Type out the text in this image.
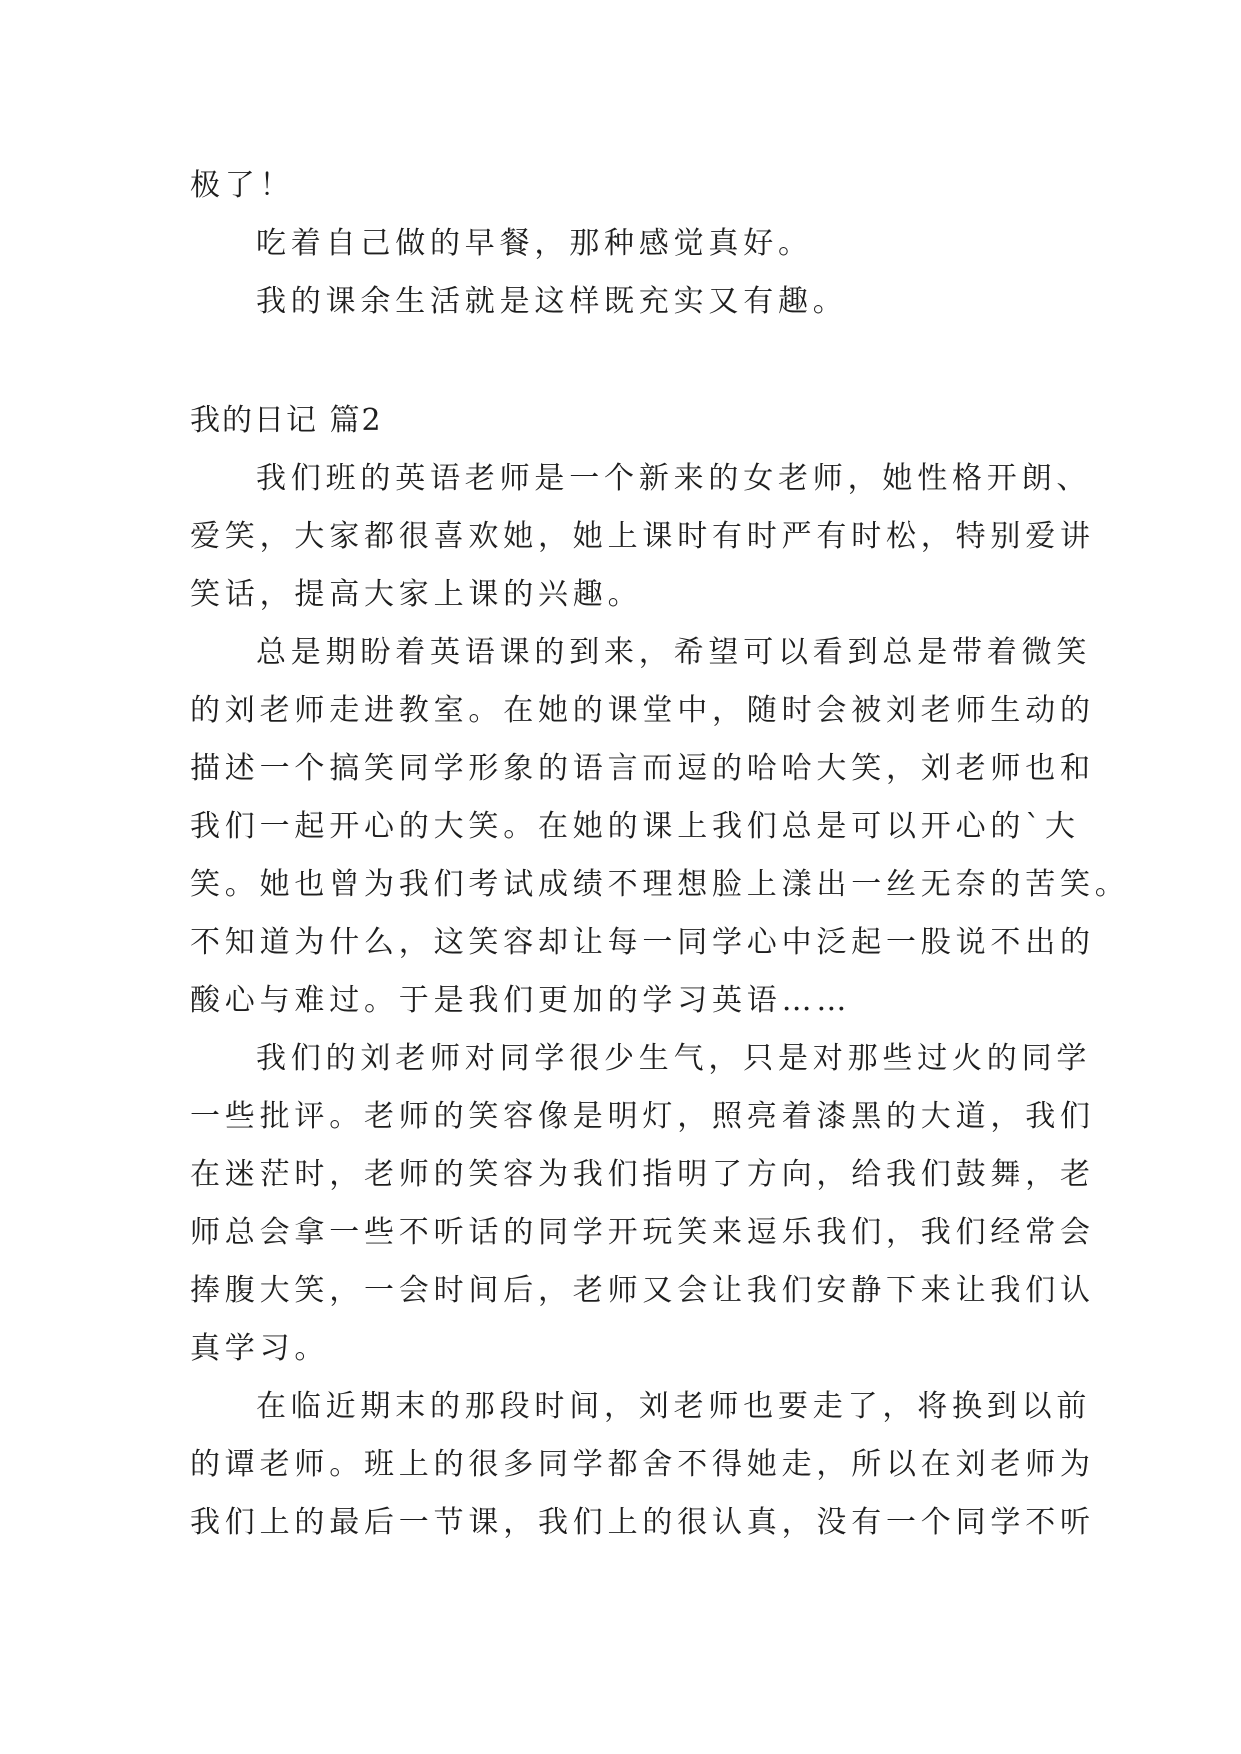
极了！
吃着自己做的早餐，那种感觉真好。
我的课余生活就是这样既充实又有趣。
我的日记 篇2
我们班的英语老师是一个新来的女老师，她性格开朗、
爱笑，大家都很喜欢她，她上课时有时严有时松，特别爱讲
笑话，提高大家上课的兴趣。
总是期盼着英语课的到来，希望可以看到总是带着微笑
的刘老师走进教室。在她的课堂中，随时会被刘老师生动的
描述一个搞笑同学形象的语言而逗的哈哈大笑，刘老师也和
我们一起开心的大笑。在她的课上我们总是可以开心的`大
笑。她也曾为我们考试成绩不理想脸上漾出一丝无奈的苦笑。
不知道为什么，这笑容却让每一同学心中泛起一股说不出的
酸心与难过。于是我们更加的学习英语……
我们的刘老师对同学很少生气，只是对那些过火的同学
一些批评。老师的笑容像是明灯，照亮着漆黑的大道，我们
在迷茫时，老师的笑容为我们指明了方向，给我们鼓舞，老
师总会拿一些不听话的同学开玩笑来逗乐我们，我们经常会
捧腹大笑，一会时间后，老师又会让我们安静下来让我们认
真学习。
在临近期末的那段时间，刘老师也要走了，将换到以前
的谭老师。班上的很多同学都舍不得她走，所以在刘老师为
我们上的最后一节课，我们上的很认真，没有一个同学不听
